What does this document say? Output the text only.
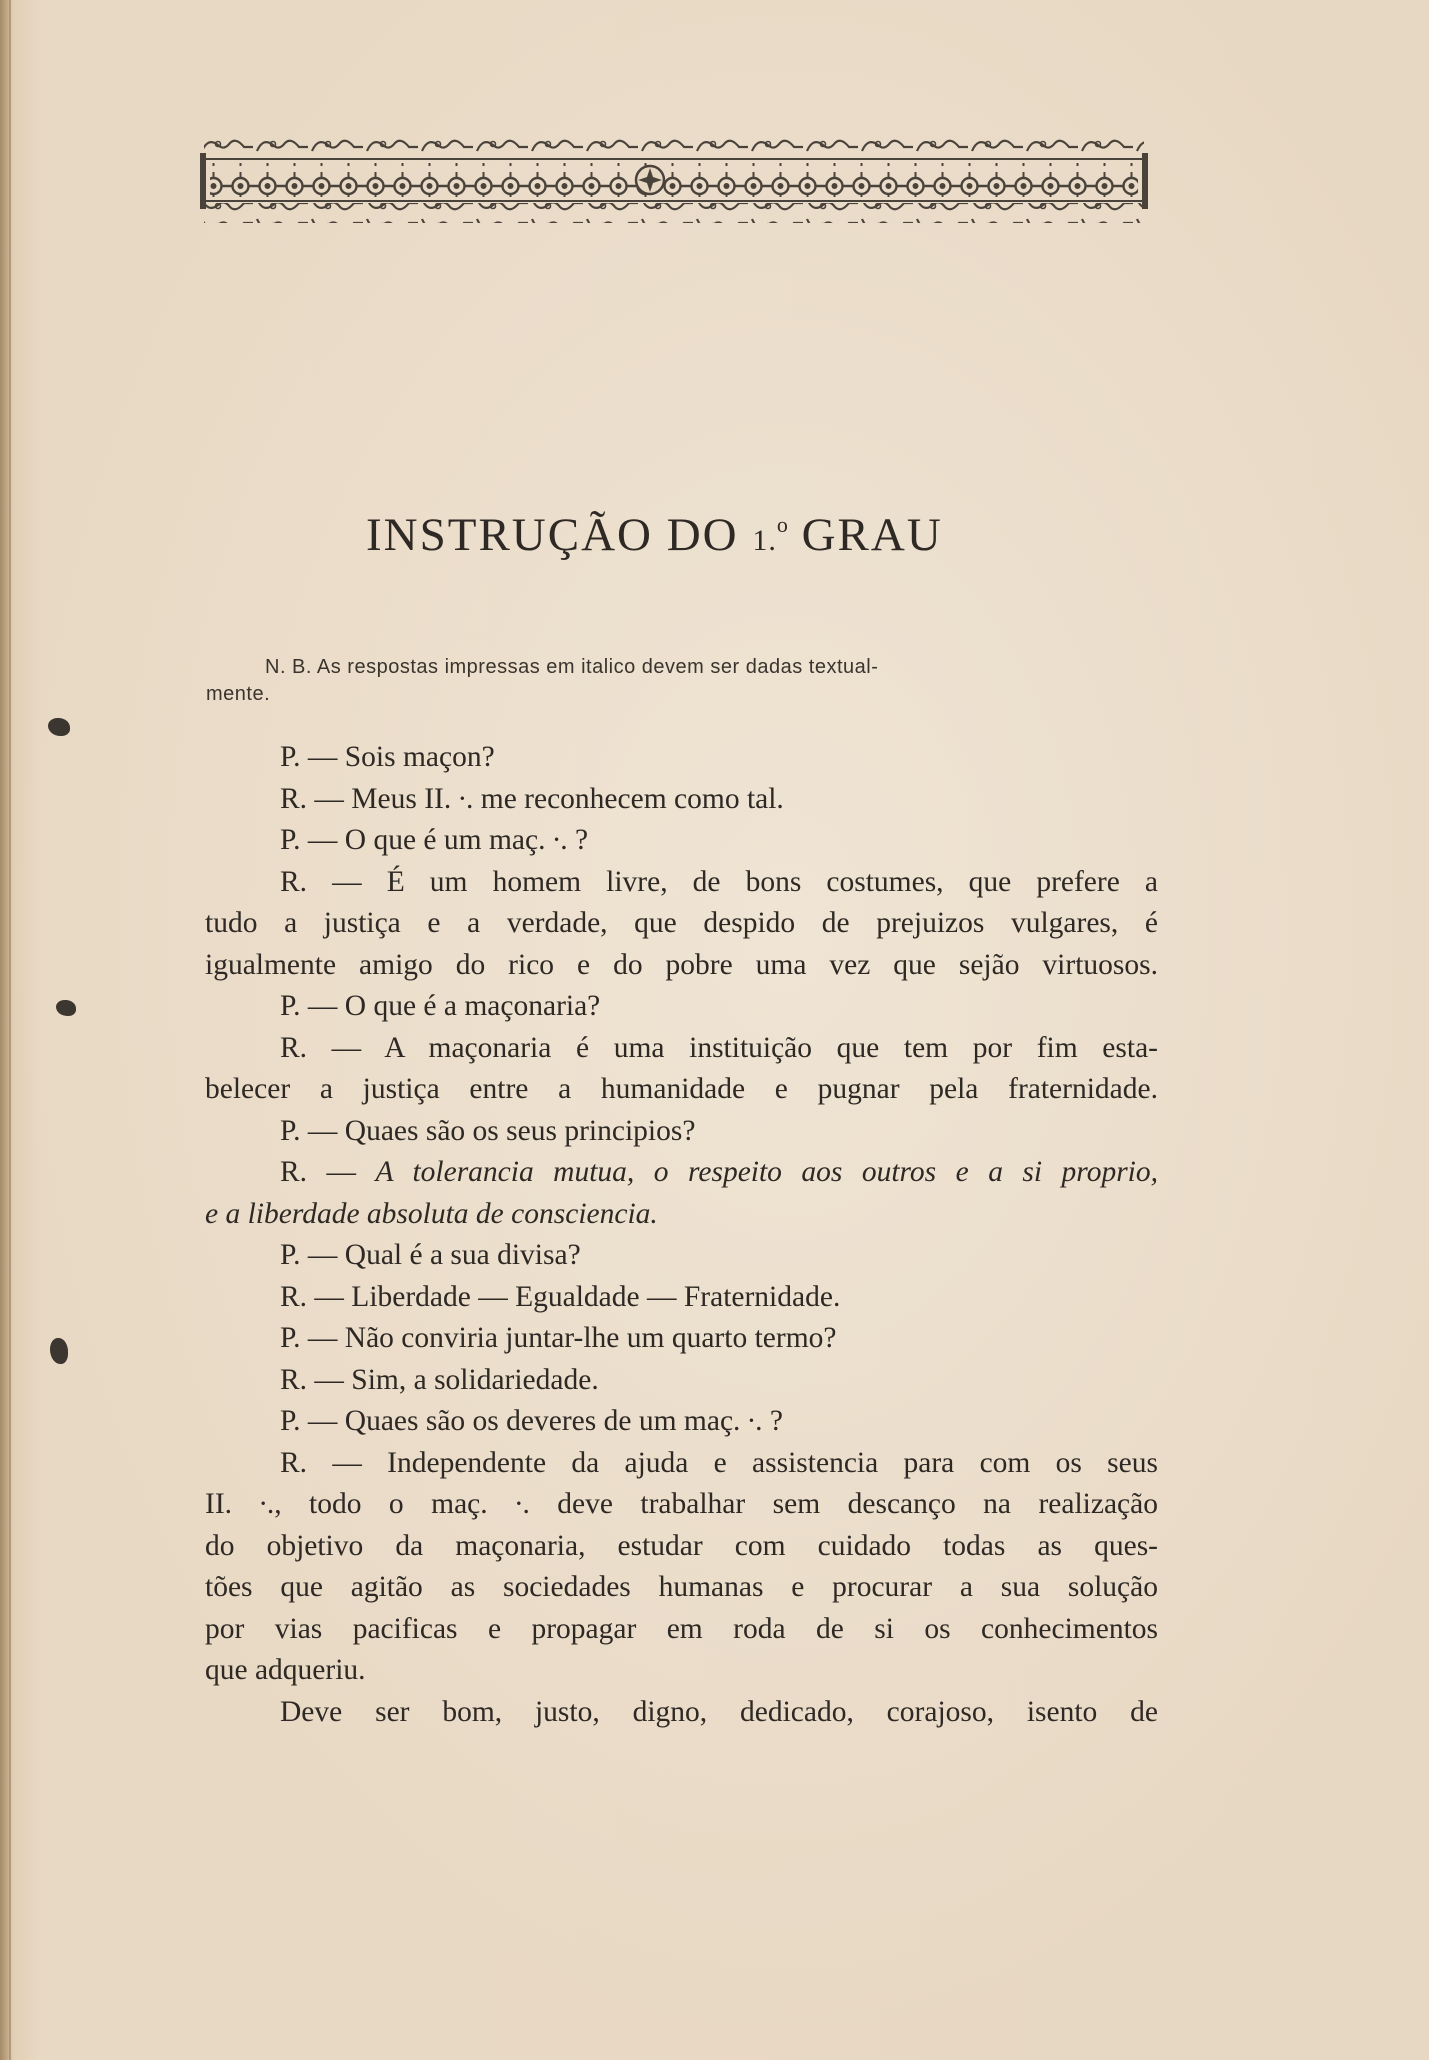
INSTRUÇÃO DO 1.$^o$ GRAU
N. B. As respostas impressas em italico devem ser dadas textual-
mente.
P. — Sois maçon?
R. — Meus II. ∙. me reconhecem como tal.
P. — O que é um maç. ∙. ?
R. — É um homem livre, de bons costumes, que prefere a
tudo a justiça e a verdade, que despido de prejuizos vulgares, é
igualmente amigo do rico e do pobre uma vez que sejão virtuosos.
P. — O que é a maçonaria?
R. — A maçonaria é uma instituição que tem por fim esta-
belecer a justiça entre a humanidade e pugnar pela fraternidade.
P. — Quaes são os seus principios?
R. — A tolerancia mutua, o respeito aos outros e a si proprio,
e a liberdade absoluta de consciencia.
P. — Qual é a sua divisa?
R. — Liberdade — Egualdade — Fraternidade.
P. — Não conviria juntar-lhe um quarto termo?
R. — Sim, a solidariedade.
P. — Quaes são os deveres de um maç. ∙. ?
R. — Independente da ajuda e assistencia para com os seus
II. ∙., todo o maç. ∙. deve trabalhar sem descanço na realização
do objetivo da maçonaria, estudar com cuidado todas as ques-
tões que agitão as sociedades humanas e procurar a sua solução
por vias pacificas e propagar em roda de si os conhecimentos
que adqueriu.
Deve ser bom, justo, digno, dedicado, corajoso, isento de
